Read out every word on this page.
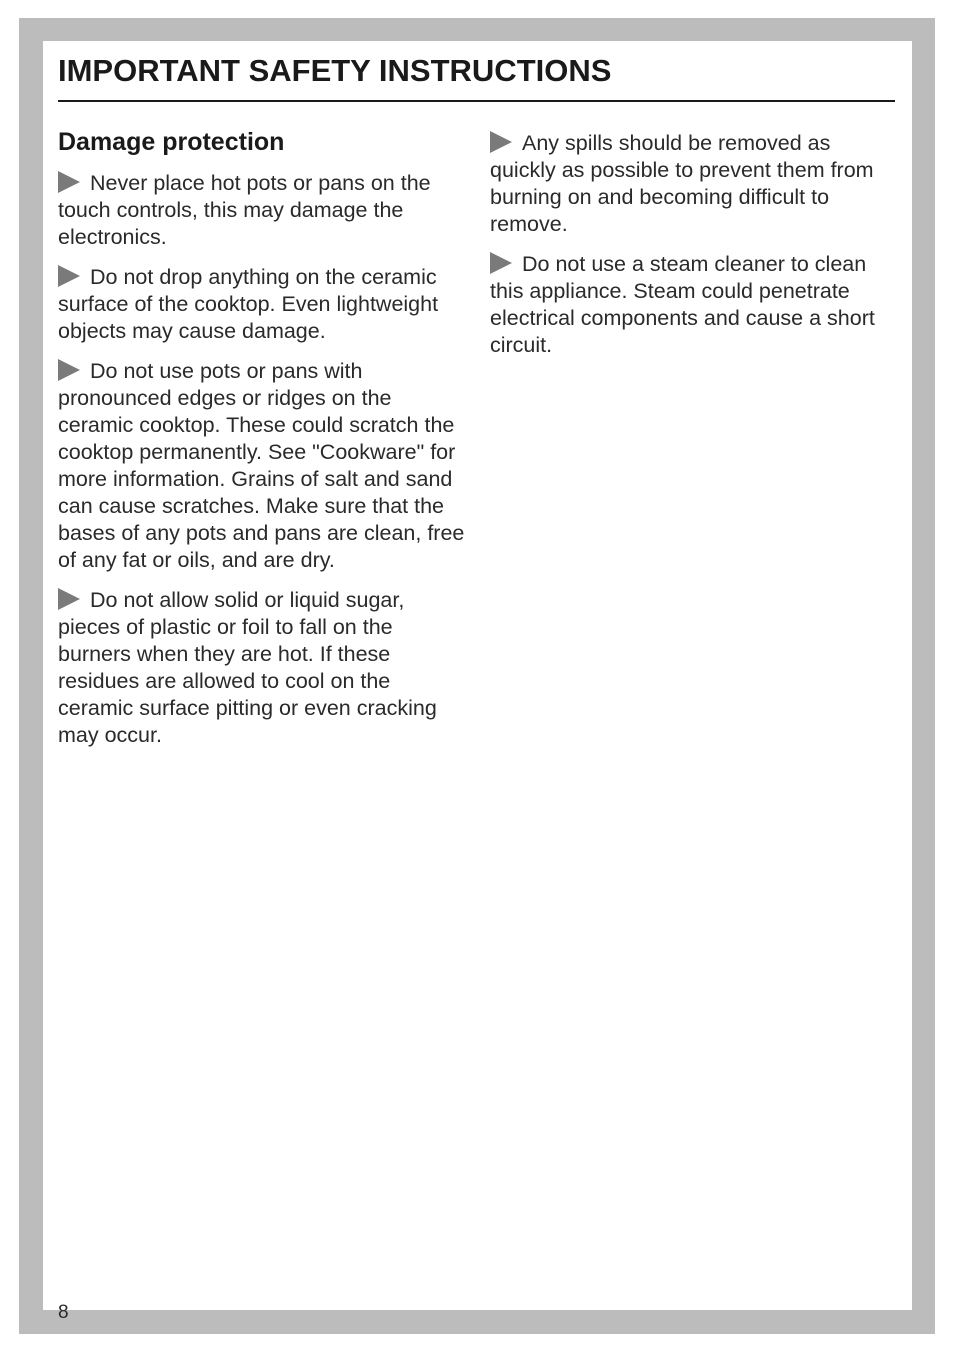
IMPORTANT SAFETY INSTRUCTIONS
Damage protection

Never place hot pots or pans on the touch controls, this may damage the electronics.

Do not drop anything on the ceramic surface of the cooktop. Even lightweight objects may cause damage.

Do not use pots or pans with pronounced edges or ridges on the ceramic cooktop. These could scratch the cooktop permanently. See "Cookware" for more information. Grains of salt and sand can cause scratches. Make sure that the bases of any pots and pans are clean, free of any fat or oils, and are dry.

Do not allow solid or liquid sugar, pieces of plastic or foil to fall on the burners when they are hot. If these residues are allowed to cool on the ceramic surface pitting or even cracking may occur.

Any spills should be removed as quickly as possible to prevent them from burning on and becoming difficult to remove.

Do not use a steam cleaner to clean this appliance. Steam could penetrate electrical components and cause a short circuit.

8
